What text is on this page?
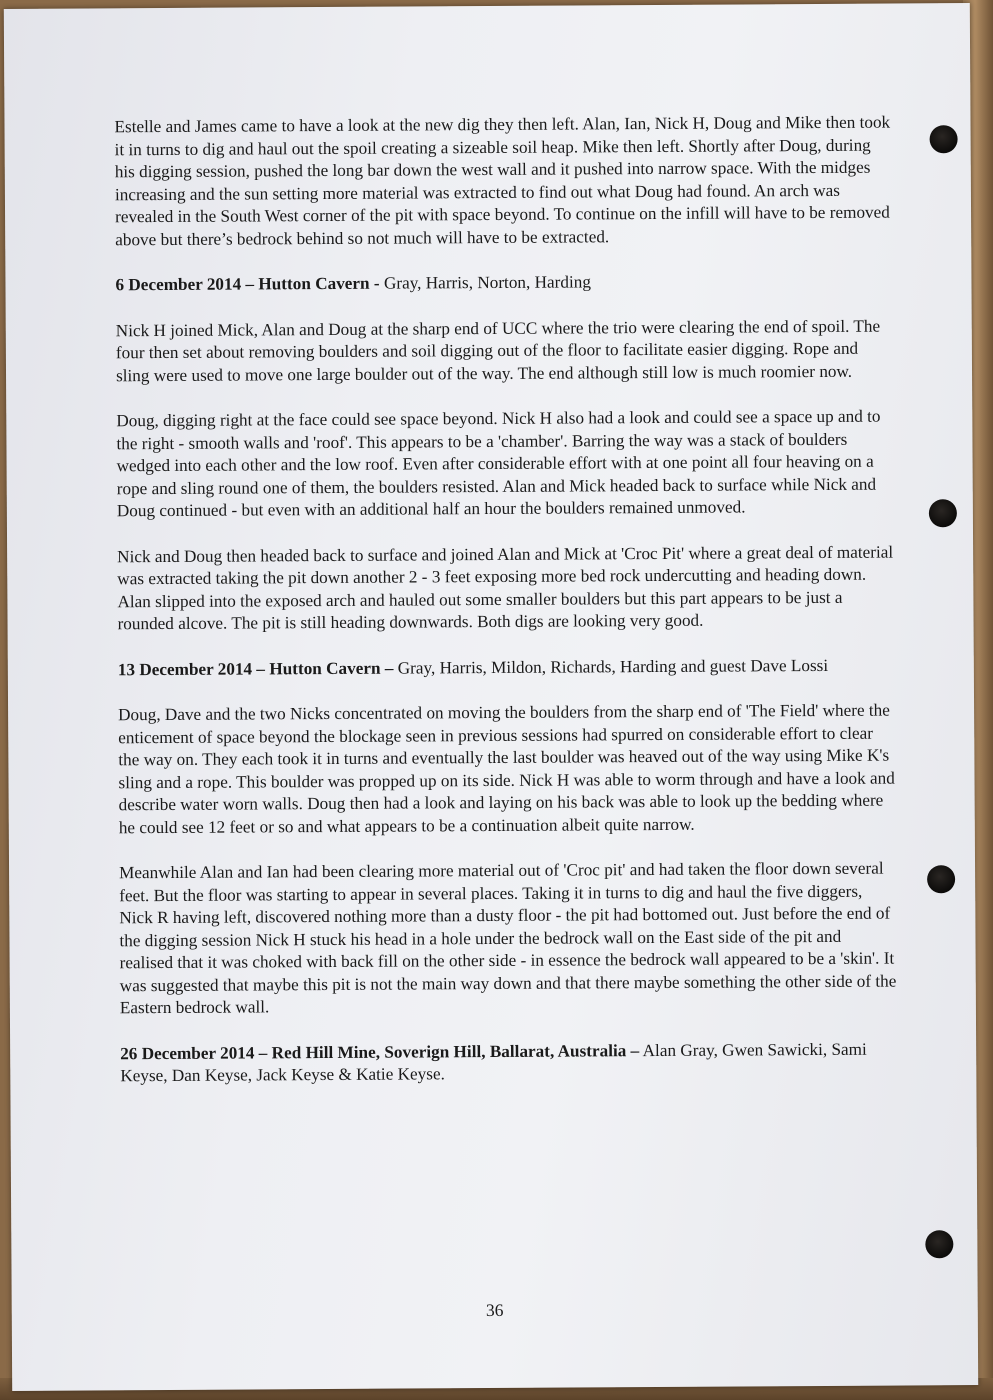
Estelle and James came to have a look at the new dig they then left. Alan, Ian, Nick H, Doug and Mike then took it in turns to dig and haul out the spoil creating a sizeable soil heap. Mike then left. Shortly after Doug, during his digging session, pushed the long bar down the west wall and it pushed into narrow space. With the midges increasing and the sun setting more material was extracted to find out what Doug had found. An arch was revealed in the South West corner of the pit with space beyond. To continue on the infill will have to be removed above but there’s bedrock behind so not much will have to be extracted.

6 December 2014 – Hutton Cavern - Gray, Harris, Norton, Harding

Nick H joined Mick, Alan and Doug at the sharp end of UCC where the trio were clearing the end of spoil. The four then set about removing boulders and soil digging out of the floor to facilitate easier digging. Rope and sling were used to move one large boulder out of the way. The end although still low is much roomier now.

Doug, digging right at the face could see space beyond. Nick H also had a look and could see a space up and to the right - smooth walls and 'roof'. This appears to be a 'chamber'. Barring the way was a stack of boulders wedged into each other and the low roof. Even after considerable effort with at one point all four heaving on a rope and sling round one of them, the boulders resisted. Alan and Mick headed back to surface while Nick and Doug continued - but even with an additional half an hour the boulders remained unmoved.

Nick and Doug then headed back to surface and joined Alan and Mick at 'Croc Pit' where a great deal of material was extracted taking the pit down another 2 - 3 feet exposing more bed rock undercutting and heading down. Alan slipped into the exposed arch and hauled out some smaller boulders but this part appears to be just a rounded alcove. The pit is still heading downwards. Both digs are looking very good.

13 December 2014 – Hutton Cavern – Gray, Harris, Mildon, Richards, Harding and guest Dave Lossi

Doug, Dave and the two Nicks concentrated on moving the boulders from the sharp end of 'The Field' where the enticement of space beyond the blockage seen in previous sessions had spurred on considerable effort to clear the way on. They each took it in turns and eventually the last boulder was heaved out of the way using Mike K's sling and a rope. This boulder was propped up on its side. Nick H was able to worm through and have a look and describe water worn walls. Doug then had a look and laying on his back was able to look up the bedding where he could see 12 feet or so and what appears to be a continuation albeit quite narrow.

Meanwhile Alan and Ian had been clearing more material out of 'Croc pit' and had taken the floor down several feet. But the floor was starting to appear in several places. Taking it in turns to dig and haul the five diggers, Nick R having left, discovered nothing more than a dusty floor - the pit had bottomed out. Just before the end of the digging session Nick H stuck his head in a hole under the bedrock wall on the East side of the pit and realised that it was choked with back fill on the other side - in essence the bedrock wall appeared to be a 'skin'. It was suggested that maybe this pit is not the main way down and that there maybe something the other side of the Eastern bedrock wall.

26 December 2014 – Red Hill Mine, Soverign Hill, Ballarat, Australia – Alan Gray, Gwen Sawicki, Sami Keyse, Dan Keyse, Jack Keyse & Katie Keyse.

36
